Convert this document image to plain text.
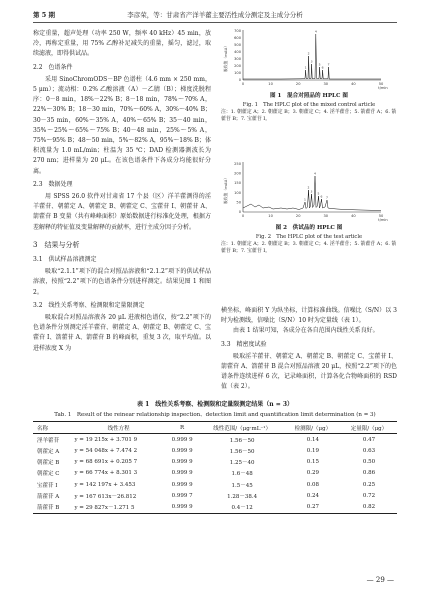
第 5 期	李彦荣，等：甘肃省产洋羊藿主要活性成分测定及主成分分析

称定重量，超声处理（功率 250 W，频率 40 kHz）45 min，放冷，再称定重量，用 75% 乙醇补足减失的重量，摇匀，滤过，取续滤液，即得供试品。

2.2　色谱条件

采用 SinoChromODS－BP 色谱柱（4.6 mm × 250 mm，5 μm）；流动相：0.2% 乙酸溶液（A）－乙腈（B）；梯度洗脱程序：0－8 min，18%－22% B；8－18 min，78%～70% A，22%～30% B；18－30 min，70%～60% A，30%～40% B；30－35 min，60%～35% A，40%～65% B；35－40 min，35%～25%～65%～75% B；40－48 min，25%～5% A，75%～95% B；48～50 min，5%～82% A，95%～18% B；体积流量为 1.0 mL/min；柱温为 35 ℃；DAD 检测器测波长为 270 nm；进样量为 20 μL。在该色谱条件下各成分均能很好分离。

2.3　数据处理

用 SPSS 26.0 软件对甘肃省 17 个县（区）洋羊藿测得的淫羊藿苷、朝藿定 A、朝藿定 B、朝藿定 C、宝藿苷 I、朝藿苷 A、箭藿苷 B 变量（共有峰峰面积）原始数据进行标准化处理，根据方差解释的特征值及变量解释的贡献率，进行主成分因子分析。

3　结果与分析

3.1　供试样品溶液测定

吸取“2.1.1”项下的混合对照品溶液和“2.1.2”项下的供试样品溶液，按照“2.2”项下的色谱条件分别进样测定。结果见图 1 和图 2。

3.2　线性关系考察、检测限和定量限测定

吸取混合对照品溶液各 20 μL 进液相色谱仪，按“2.2”项下的色谱条件分别测定淫羊藿苷、朝藿定 A、朝藿定 B、朝藿定 C、宝藿苷 I、箭藿苷 A、箭藿苷 B 的峰面积，重复 3 次，取平均值。以进样浓度 X 为

0
100
200
300
400
500
600
700
0	10	20	30	40	50
t/min
吸收值（mAU）	1
2
3
4
5
6
7
图 1　混合对照品的 HPLC 图
Fig. 1　The HPLC plot of the mixed control article
注：1. 朝藿定 A；2. 朝藿定 B；3. 朝藿定 C；4. 淫羊藿苷；5. 箭藿苷 A；6. 箭藿苷 B；7. 宝藿苷 I。
0
50
100
150
200
250
0	10	20	30	40	50
t/min
吸收值（mAU）	1
2
3
4
5
6 7
图 2　供试品的 HPLC 图
Fig. 2　The HPLC plot of the test article
注：1. 朝藿定 A；2. 朝藿定 B；3. 朝藿定 C；4. 淫羊藿苷；5. 箭藿苷 A；6. 箭藿苷 B；7. 宝藿苷 I。

横坐标，峰面积 Y 为纵坐标，计算标准曲线。信噪比（S/N）以 3 时为检测线，信噪比（S/N）10 时为定量线（表 1）。

由表 1 结果可知，各成分在各自范围内线性关系良好。

3.3　精密度试验

吸取淫羊藿苷、朝藿定 A、朝藿定 B、朝藿定 C、宝藿苷 I、箭藿苷 A、箭藿苷 B 混合对照品溶液 20 μL，按照“2.2”项下的色谱条件连续进样 6 次，记录峰面积，计算各化合物峰面积的 RSD 值（表 2）。

表 1　线性关系考察、检测限和定量限测定结果（n = 3）
Tab. 1　Result of the reinear relationship inspection、detection limit and quantification limit determination (n = 3)
名称	线性方程	R	线性范围/（μg·mL⁻¹）	检测限/（μg）	定量限/（μg）
淫羊藿苷	y = 19 215x + 3.701 9	0.999 9	1.56－50	0.14	0.47
朝藿定 A	y = 54 048x + 7.474 2	0.999 9	1.56－50	0.19	0.63
朝藿定 B	y = 68 691x + 0.205 7	0.999 9	1.25－40	0.15	0.50
朝藿定 C	y = 66 774x + 8.301 3	0.999 9	1.6－48	0.29	0.86
宝藿苷 I	y = 142 197x + 3.453	0.999 9	1.5－45	0.08	0.25
箭藿苷 A	y = 167 613x－26.812	0.999 7	1.28－38.4	0.24	0.72
箭藿苷 B	y = 29 827x－1.271 5	0.999 9	0.4－12	0.27	0.82
— 29 —
